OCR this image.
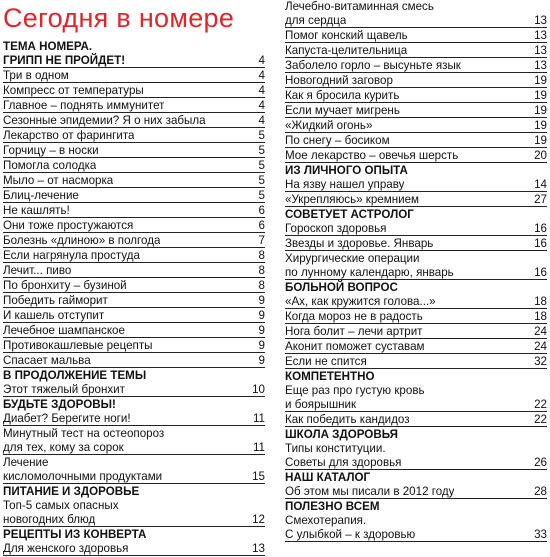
Сегодня в номере
ТЕМА НОМЕРА.
ГРИПП НЕ ПРОЙДЕТ!	4
Три в одном	4
Компресс от температуры	4
Главное – поднять иммунитет	4
Сезонные эпидемии? Я о них забыла	4
Лекарство от фарингита	5
Горчицу – в носки	5
Помогла солодка	5
Мыло – от насморка	5
Блиц-лечение	5
Не кашлять!	6
Они тоже простужаются	6
Болезнь «длиною» в полгода	7
Если нагрянула простуда	8
Лечит... пиво	8
По бронхиту – бузиной	8
Победить гайморит	9
И кашель отступит	9
Лечебное шампанское	9
Противокашлевые рецепты	9
Спасает мальва	9
В ПРОДОЛЖЕНИЕ ТЕМЫ
Этот тяжелый бронхит	10
БУДЬТЕ ЗДОРОВЫ!
Диабет? Берегите ноги!	11
Минутный тест на остеопороз
для тех, кому за сорок	11
Лечение
кисломолочными продуктами	15
ПИТАНИЕ И ЗДОРОВЬЕ
Топ-5 самых опасных
новогодних блюд	12
РЕЦЕПТЫ ИЗ КОНВЕРТА
Для женского здоровья	13
Лечебно-витаминная смесь
для сердца	13
Помог конский щавель	13
Капуста-целительница	13
Заболело горло – высуньте язык	13
Новогодний заговор	19
Как я бросила курить	19
Если мучает мигрень	19
«Жидкий огонь»	19
По снегу – босиком	19
Мое лекарство – овечья шерсть	20
ИЗ ЛИЧНОГО ОПЫТА
На язву нашел управу	14
«Укрепляюсь» кремнием	27
СОВЕТУЕТ АСТРОЛОГ
Гороскоп здоровья	16
Звезды и здоровье. Январь	16
Хирургические операции
по лунному календарю, январь	16
БОЛЬНОЙ ВОПРОС
«Ах, как кружится голова...»	18
Когда мороз не в радость	18
Нога болит – лечи артрит	24
Аконит поможет суставам	24
Если не спится	32
КОМПЕТЕНТНО
Еще раз про густую кровь
и боярышник	22
Как победить кандидоз	22
ШКОЛА ЗДОРОВЬЯ
Типы конституции.
Советы для здоровья	26
НАШ КАТАЛОГ
Об этом мы писали в 2012 году	28
ПОЛЕЗНО ВСЕМ
Смехотерапия.
С улыбкой – к здоровью	33
